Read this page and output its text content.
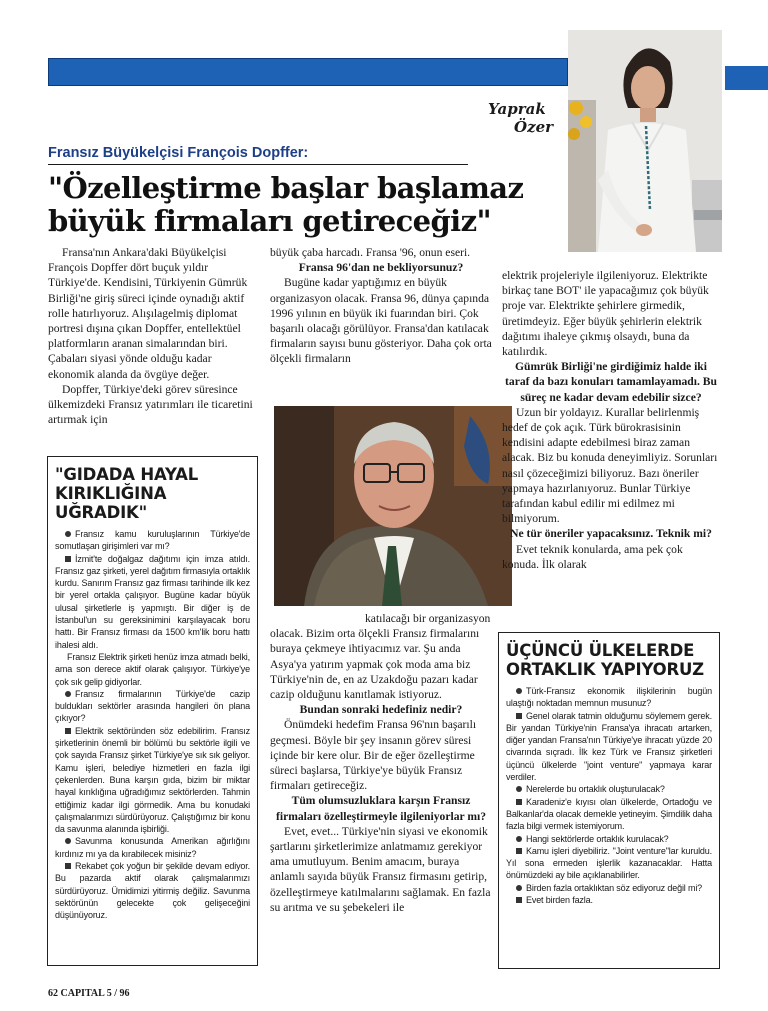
Yaprak
Özer
Fransız Büyükelçisi François Dopffer:
"Özelleştirme başlar başlamaz
büyük firmaları getireceğiz"

Fransa'nın Ankara'daki Büyükelçisi François Dopffer dört buçuk yıldır Türkiye'de. Kendisini, Türkiyenin Gümrük Birliği'ne giriş süreci içinde oynadığı aktif rolle hatırlıyoruz. Alışılagelmiş diplomat portresi dışına çıkan Dopffer, entellektüel platformların aranan simalarından biri. Çabaları siyasi yönde olduğu kadar ekonomik alanda da övgüye değer.

Dopffer, Türkiye'deki görev süresince ülkemizdeki Fransız yatırımları ile ticaretini artırmak için

büyük çaba harcadı. Fransa '96, onun eseri.

Fransa 96'dan ne bekliyorsunuz?

Bugüne kadar yaptığımız en büyük organizasyon olacak. Fransa 96, dünya çapında 1996 yılının en büyük iki fuarından biri. Çok başarılı olacağı görülüyor. Fransa'dan katılacak firmaların sayısı bunu gösteriyor. Daha çok orta ölçekli firmaların

katılacağı bir organizasyon olacak. Bizim orta ölçekli Fransız firmalarını buraya çekmeye ihtiyacımız var. Şu anda Asya'ya yatırım yapmak çok moda ama biz Türkiye'nin de, en az Uzakdoğu pazarı kadar cazip olduğunu kanıtlamak istiyoruz.

Bundan sonraki hedefiniz nedir?

Önümdeki hedefim Fransa 96'nın başarılı geçmesi. Böyle bir şey insanın görev süresi içinde bir kere olur. Bir de eğer özelleştirme süreci başlarsa, Türkiye'ye büyük Fransız firmaları getireceğiz.

Tüm olumsuzluklara karşın Fransız firmaları özelleştirmeyle ilgileniyorlar mı?

Evet, evet... Türkiye'nin siyasi ve ekonomik şartlarını şirketlerimize anlatmamız gerekiyor ama umutluyum. Benim amacım, buraya anlamlı sayıda büyük Fransız firmasını getirip, özelleştirmeye katılmalarını sağlamak. En fazla su arıtma ve su şebekeleri ile

elektrik projeleriyle ilgileniyoruz. Elektrikte birkaç tane BOT' ile yapacağımız çok büyük proje var. Elektrikte şehirlere girmedik, üretimdeyiz. Eğer büyük şehirlerin elektrik dağıtımı ihaleye çıkmış olsaydı, buna da katılırdık.

Gümrük Birliği'ne girdiğimiz halde iki taraf da bazı konuları tamamlayamadı. Bu süreç ne kadar devam edebilir sizce?

Uzun bir yoldayız. Kurallar belirlenmiş hedef de çok açık. Türk bürokrasisinin kendisini adapte edebilmesi biraz zaman alacak. Biz bu konuda deneyimliyiz. Sorunları nasıl çözeceğimizi biliyoruz. Bazı öneriler yapmaya hazırlanıyoruz. Bunlar Türkiye tarafından kabul edilir mi edilmez mi bilmiyorum.

Ne tür öneriler yapacaksınız. Teknik mi?

Evet teknik konularda, ama pek çok konuda. İlk olarak

"GIDADA HAYAL
KIRIKLIĞINA UĞRADIK"

Fransız kamu kuruluşlarının Türkiye'de somutlaşan girişimleri var mı?

İzmit'te doğalgaz dağıtımı için imza atıldı. Fransız gaz şirketi, yerel dağıtım firmasıyla ortaklık kurdu. Sanırım Fransız gaz firması tarihinde ilk kez bir yerel ortakla çalışıyor. Bugüne kadar büyük ulusal şirketlerle iş yapmıştı. Bir diğer iş de İstanbul'un su gereksinimini karşılayacak boru hattı. Bir Fransız firması da 1500 km'lik boru hattı ihalesi aldı.

Fransız Elektrik şirketi henüz imza atmadı belki, ama son derece aktif olarak çalışıyor. Türkiye'ye çok sık gelip gidiyorlar.

Fransız firmalarının Türkiye'de cazip buldukları sektörler arasında hangileri ön plana çıkıyor?

Elektrik sektöründen söz edebilirim. Fransız şirketlerinin önemli bir bölümü bu sektörle ilgili ve çok sayıda Fransız şirket Türkiye'ye sık sık geliyor. Kamu işleri, belediye hizmetleri en fazla ilgi çekenlerden. Buna karşın gıda, bizim bir miktar hayal kırıklığına uğradığımız sektörlerden. Tahmin ettiğimiz kadar ilgi görmedik. Ama bu konudaki çalışmalarımızı sürdürüyoruz. Çalıştığımız bir konu da savunma alanında işbirliği.

Savunma konusunda Amerikan ağırlığını kırdınız mı ya da kırabilecek misiniz?

Rekabet çok yoğun bir şekilde devam ediyor. Bu pazarda aktif olarak çalışmalarımızı sürdürüyoruz. Ümidimizi yitirmiş değiliz. Savunma sektörünün gelecekte çok gelişeceğini düşünüyoruz.

ÜÇÜNCÜ ÜLKELERDE
ORTAKLIK YAPIYORUZ

Türk-Fransız ekonomik ilişkilerinin bugün ulaştığı noktadan memnun musunuz?

Genel olarak tatmin olduğumu söylemem gerek. Bir yandan Türkiye'nin Fransa'ya ihracatı artarken, diğer yandan Fransa'nın Türkiye'ye ihracatı yüzde 20 civarında sıçradı. İlk kez Türk ve Fransız şirketleri üçüncü ülkelerde "joint venture" yapmaya karar verdiler.

Nerelerde bu ortaklık oluşturulacak?

Karadeniz'e kıyısı olan ülkelerde, Ortadoğu ve Balkanlar'da olacak demekle yetineyim. Şimdilik daha fazla bilgi vermek istemiyorum.

Hangi sektörlerde ortaklık kurulacak?

Kamu işleri diyebiliriz. "Joint venture"lar kuruldu. Yıl sona ermeden işlerlik kazanacaklar. Hatta önümüzdeki ay bile açıklanabilirler.

Birden fazla ortaklıktan söz ediyoruz değil mi?

Evet birden fazla.

62 CAPITAL 5 / 96
